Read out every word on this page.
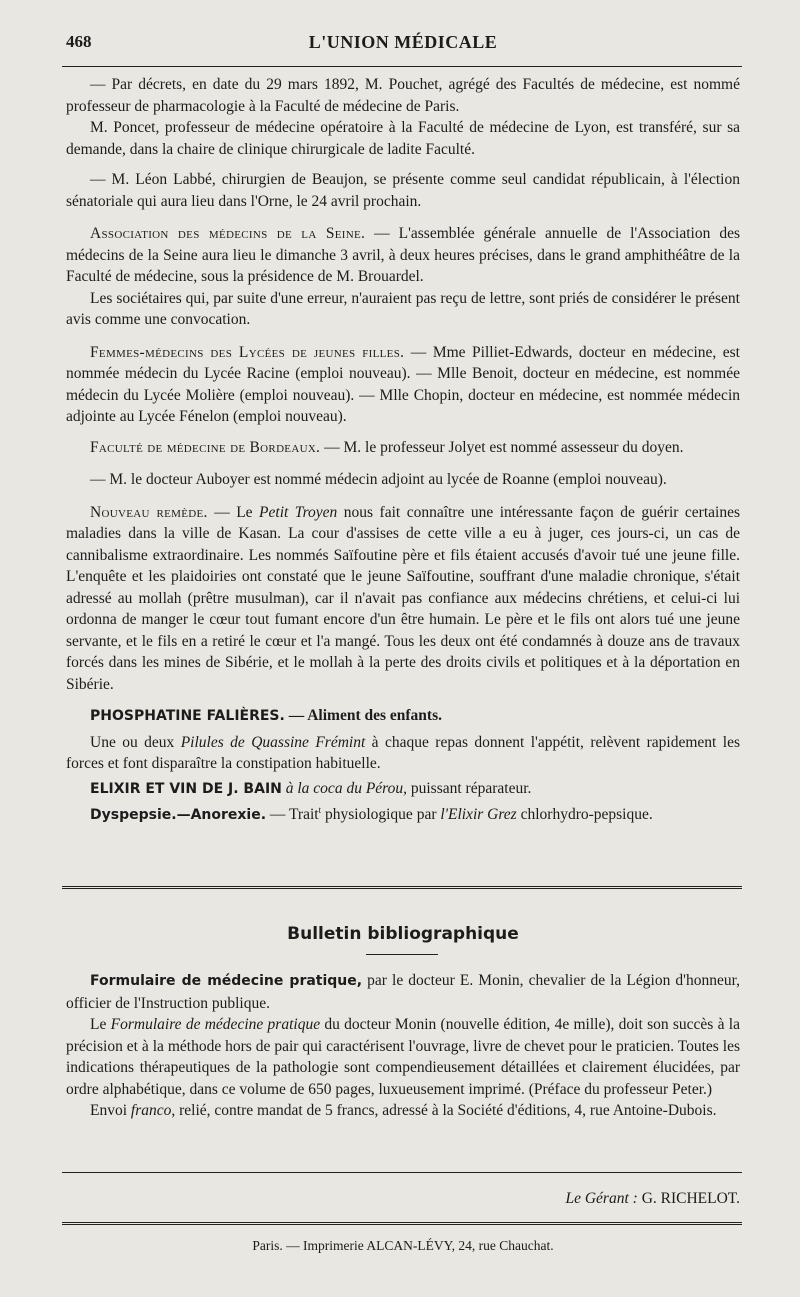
468	L'UNION MÉDICALE

— Par décrets, en date du 29 mars 1892, M. Pouchet, agrégé des Facultés de médecine, est nommé professeur de pharmacologie à la Faculté de médecine de Paris.

M. Poncet, professeur de médecine opératoire à la Faculté de médecine de Lyon, est transféré, sur sa demande, dans la chaire de clinique chirurgicale de ladite Faculté.

— M. Léon Labbé, chirurgien de Beaujon, se présente comme seul candidat républicain, à l'élection sénatoriale qui aura lieu dans l'Orne, le 24 avril prochain.

Association des médecins de la Seine. — L'assemblée générale annuelle de l'Association des médecins de la Seine aura lieu le dimanche 3 avril, à deux heures précises, dans le grand amphithéâtre de la Faculté de médecine, sous la présidence de M. Brouardel.

Les sociétaires qui, par suite d'une erreur, n'auraient pas reçu de lettre, sont priés de considérer le présent avis comme une convocation.

Femmes-médecins des Lycées de jeunes filles. — Mme Pilliet-Edwards, docteur en médecine, est nommée médecin du Lycée Racine (emploi nouveau). — Mlle Benoit, docteur en médecine, est nommée médecin du Lycée Molière (emploi nouveau). — Mlle Chopin, docteur en médecine, est nommée médecin adjointe au Lycée Fénelon (emploi nouveau).

Faculté de médecine de Bordeaux. — M. le professeur Jolyet est nommé assesseur du doyen.

— M. le docteur Auboyer est nommé médecin adjoint au lycée de Roanne (emploi nouveau).

Nouveau remède. — Le Petit Troyen nous fait connaître une intéressante façon de guérir certaines maladies dans la ville de Kasan. La cour d'assises de cette ville a eu à juger, ces jours-ci, un cas de cannibalisme extraordinaire. Les nommés Saïfoutine père et fils étaient accusés d'avoir tué une jeune fille. L'enquête et les plaidoiries ont constaté que le jeune Saïfoutine, souffrant d'une maladie chronique, s'était adressé au mollah (prêtre musulman), car il n'avait pas confiance aux médecins chrétiens, et celui-ci lui ordonna de manger le cœur tout fumant encore d'un être humain. Le père et le fils ont alors tué une jeune servante, et le fils en a retiré le cœur et l'a mangé. Tous les deux ont été condamnés à douze ans de travaux forcés dans les mines de Sibérie, et le mollah à la perte des droits civils et politiques et à la déportation en Sibérie.

PHOSPHATINE FALIÈRES. — Aliment des enfants.

Une ou deux Pilules de Quassine Frémint à chaque repas donnent l'appétit, relèvent rapidement les forces et font disparaître la constipation habituelle.

ELIXIR ET VIN DE J. BAIN à la coca du Pérou, puissant réparateur.

Dyspepsie.—Anorexie. — Trait$^t$ physiologique par l'Elixir Grez chlorhydro-pepsique.

Bulletin bibliographique

Formulaire de médecine pratique, par le docteur E. Monin, chevalier de la Légion d'honneur, officier de l'Instruction publique.

Le Formulaire de médecine pratique du docteur Monin (nouvelle édition, 4e mille), doit son succès à la précision et à la méthode hors de pair qui caractérisent l'ouvrage, livre de chevet pour le praticien. Toutes les indications thérapeutiques de la pathologie sont compendieusement détaillées et clairement élucidées, par ordre alphabétique, dans ce volume de 650 pages, luxueusement imprimé. (Préface du professeur Peter.)

Envoi franco, relié, contre mandat de 5 francs, adressé à la Société d'éditions, 4, rue Antoine-Dubois.

Le Gérant : G. RICHELOT.
Paris. — Imprimerie ALCAN-LÉVY, 24, rue Chauchat.
